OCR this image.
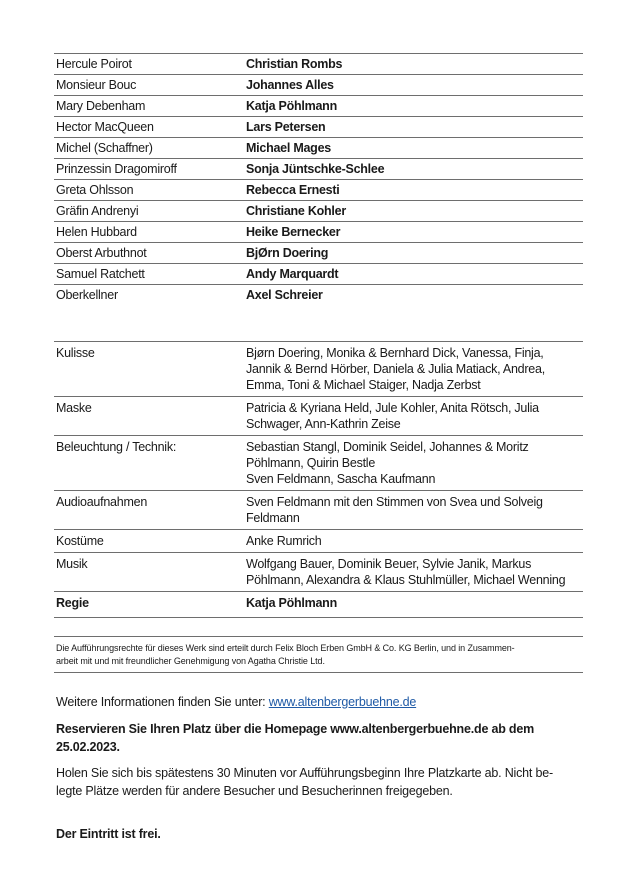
Hercule Poirot	Christian Rombs
Monsieur Bouc	Johannes Alles
Mary Debenham	Katja Pöhlmann
Hector MacQueen	Lars Petersen
Michel (Schaffner)	Michael Mages
Prinzessin Dragomiroff	Sonja Jüntschke-Schlee
Greta Ohlsson	Rebecca Ernesti
Gräfin Andrenyi	Christiane Kohler
Helen Hubbard	Heike Bernecker
Oberst Arbuthnot	BjØrn Doering
Samuel Ratchett	Andy Marquardt
Oberkellner	Axel Schreier
Kulisse	Bjørn Doering, Monika & Bernhard Dick, Vanessa, Finja,
Jannik & Bernd Hörber, Daniela & Julia Matiack, Andrea,
Emma, Toni & Michael Staiger, Nadja Zerbst
Maske	Patricia & Kyriana Held, Jule Kohler, Anita Rötsch, Julia
Schwager, Ann-Kathrin Zeise
Beleuchtung / Technik:	Sebastian Stangl, Dominik Seidel, Johannes & Moritz
Pöhlmann, Quirin Bestle
Sven Feldmann, Sascha Kaufmann
Audioaufnahmen	Sven Feldmann mit den Stimmen von Svea und Solveig
Feldmann
Kostüme	Anke Rumrich
Musik	Wolfgang Bauer, Dominik Beuer, Sylvie Janik, Markus
Pöhlmann, Alexandra & Klaus Stuhlmüller, Michael Wenning
Regie	Katja Pöhlmann
Die Aufführungsrechte für dieses Werk sind erteilt durch Felix Bloch Erben GmbH & Co. KG Berlin, und in Zusammen-
arbeit mit und mit freundlicher Genehmigung von Agatha Christie Ltd.
Weitere Informationen finden Sie unter: www.altenbergerbuehne.de
Reservieren Sie Ihren Platz über die Homepage www.altenbergerbuehne.de ab dem
25.02.2023.
Holen Sie sich bis spätestens 30 Minuten vor Aufführungsbeginn Ihre Platzkarte ab. Nicht be-
legte Plätze werden für andere Besucher und Besucherinnen freigegeben.
Der Eintritt ist frei.
